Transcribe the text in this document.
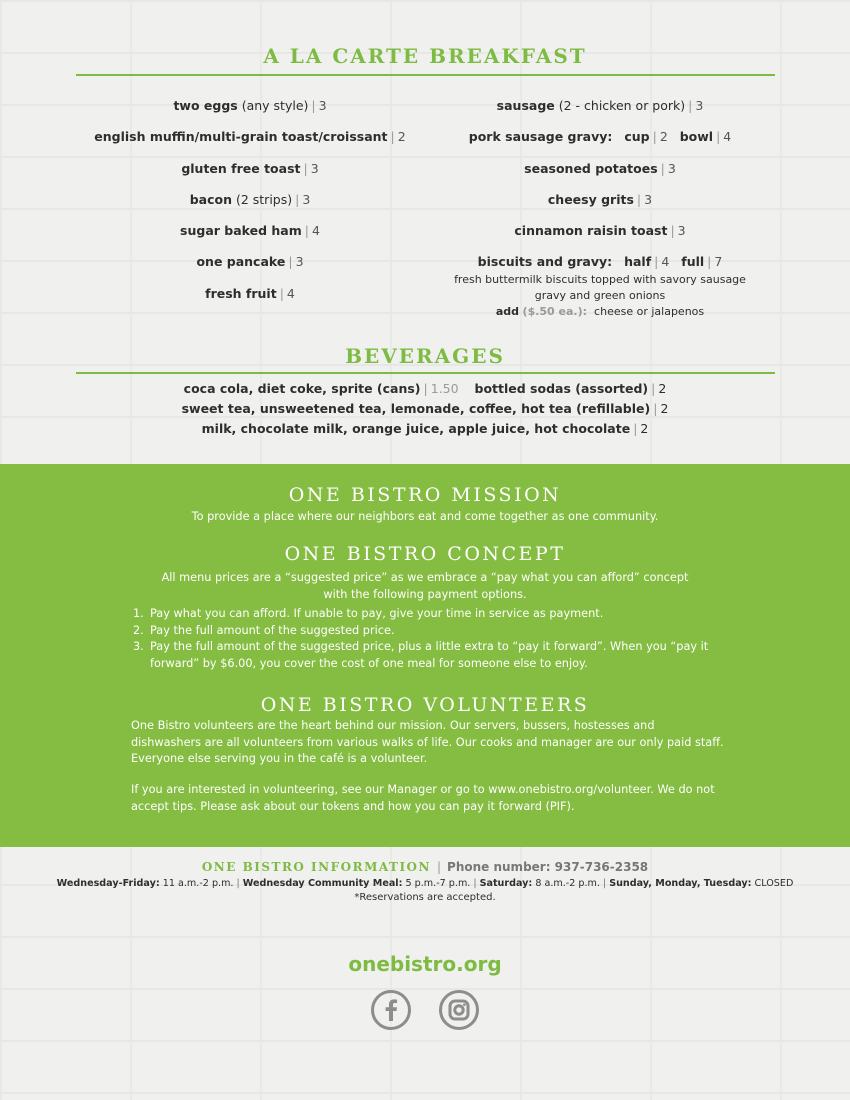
A LA CARTE BREAKFAST
two eggs (any style) | 3
english muffin/multi-grain toast/croissant | 2
gluten free toast | 3
bacon (2 strips) | 3
sugar baked ham | 4
one pancake | 3
fresh fruit | 4
sausage (2 - chicken or pork) | 3
pork sausage gravy: cup | 2 bowl | 4
seasoned potatoes | 3
cheesy grits | 3
cinnamon raisin toast | 3
biscuits and gravy: half | 4 full | 7
fresh buttermilk biscuits topped with savory sausage
gravy and green onions
add ($.50 ea.): cheese or jalapenos
BEVERAGES
coca cola, diet coke, sprite (cans) | 1.50 bottled sodas (assorted) | 2
sweet tea, unsweetened tea, lemonade, coffee, hot tea (refillable) | 2
milk, chocolate milk, orange juice, apple juice, hot chocolate | 2
ONE BISTRO MISSION
To provide a place where our neighbors eat and come together as one community.
ONE BISTRO CONCEPT
All menu prices are a “suggested price” as we embrace a “pay what you can afford” concept
with the following payment options.
1. Pay what you can afford. If unable to pay, give your time in service as payment.
2. Pay the full amount of the suggested price.
3. Pay the full amount of the suggested price, plus a little extra to “pay it forward”. When you “pay it forward” by $6.00, you cover the cost of one meal for someone else to enjoy.
ONE BISTRO VOLUNTEERS
One Bistro volunteers are the heart behind our mission. Our servers, bussers, hostesses and dishwashers are all volunteers from various walks of life. Our cooks and manager are our only paid staff. Everyone else serving you in the café is a volunteer.
If you are interested in volunteering, see our Manager or go to www.onebistro.org/volunteer. We do not accept tips. Please ask about our tokens and how you can pay it forward (PIF).
ONE BISTRO INFORMATION | Phone number: 937-736-2358
Wednesday-Friday: 11 a.m.-2 p.m. | Wednesday Community Meal: 5 p.m.-7 p.m. | Saturday: 8 a.m.-2 p.m. | Sunday, Monday, Tuesday: CLOSED
*Reservations are accepted.
onebistro.org
